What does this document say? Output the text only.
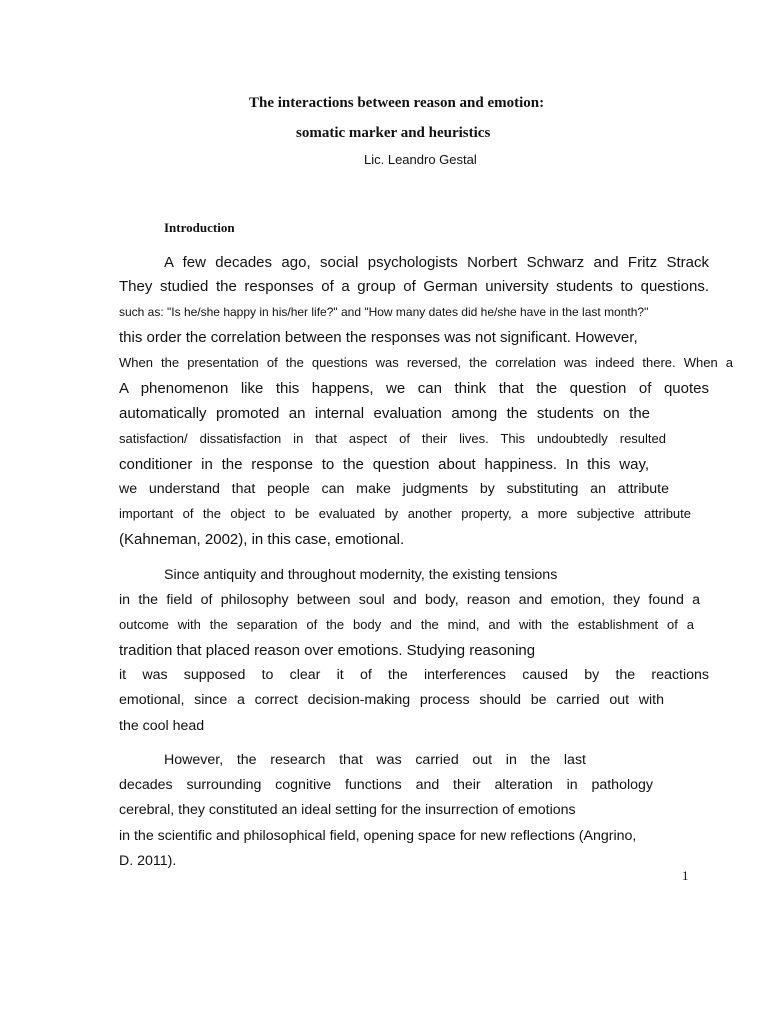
The interactions between reason and emotion:
somatic marker and heuristics
Lic. Leandro Gestal
Introduction
A few decades ago, social psychologists Norbert Schwarz and Fritz Strack
They studied the responses of a group of German university students to questions.
such as: "Is he/she happy in his/her life?" and "How many dates did he/she have in the last month?"
this order the correlation between the responses was not significant. However,
When the presentation of the questions was reversed, the correlation was indeed there. When a
A phenomenon like this happens, we can think that the question of quotes
automatically promoted an internal evaluation among the students on the
satisfaction/ dissatisfaction in that aspect of their lives. This undoubtedly resulted
conditioner in the response to the question about happiness. In this way,
we understand that people can make judgments by substituting an attribute
important of the object to be evaluated by another property, a more subjective attribute
(Kahneman, 2002), in this case, emotional.
Since antiquity and throughout modernity, the existing tensions
in the field of philosophy between soul and body, reason and emotion, they found a
outcome with the separation of the body and the mind, and with the establishment of a
tradition that placed reason over emotions. Studying reasoning
it was supposed to clear it of the interferences caused by the reactions
emotional, since a correct decision-making process should be carried out with
the cool head
However, the research that was carried out in the last
decades surrounding cognitive functions and their alteration in pathology
cerebral, they constituted an ideal setting for the insurrection of emotions
in the scientific and philosophical field, opening space for new reflections (Angrino,
D. 2011).
1
